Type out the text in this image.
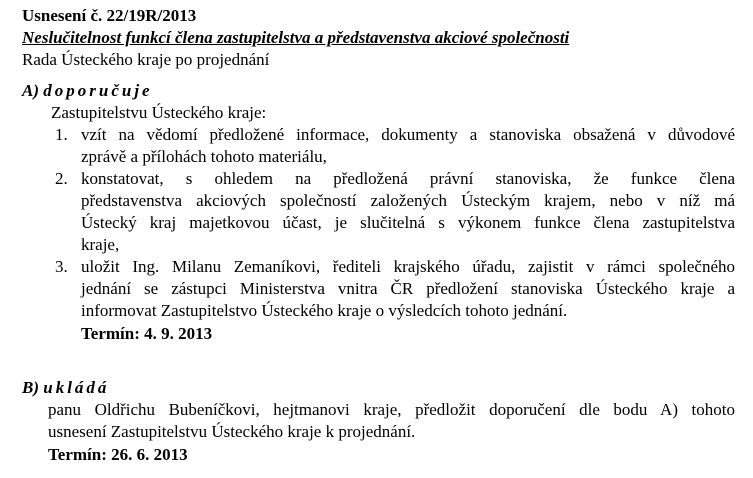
Usnesení č. 22/19R/2013
Neslučitelnost funkcí člena zastupitelstva a představenstva akciové společnosti
Rada Ústeckého kraje po projednání
A) doporučuje
Zastupitelstvu Ústeckého kraje:
1. vzít na vědomí předložené informace, dokumenty a stanoviska obsažená v důvodové
zprávě a přílohách tohoto materiálu,
2. konstatovat, s ohledem na předložená právní stanoviska, že funkce člena
představenstva akciových společností založených Ústeckým krajem, nebo v níž má
Ústecký kraj majetkovou účast, je slučitelná s výkonem funkce člena zastupitelstva
kraje,
3. uložit Ing. Milanu Zemaníkovi, řediteli krajského úřadu, zajistit v rámci společného
jednání se zástupci Ministerstva vnitra ČR předložení stanoviska Ústeckého kraje a
informovat Zastupitelstvo Ústeckého kraje o výsledcích tohoto jednání.
Termín: 4. 9. 2013
B) ukládá
panu Oldřichu Bubeníčkovi, hejtmanovi kraje, předložit doporučení dle bodu A) tohoto
usnesení Zastupitelstvu Ústeckého kraje k projednání.
Termín: 26. 6. 2013
